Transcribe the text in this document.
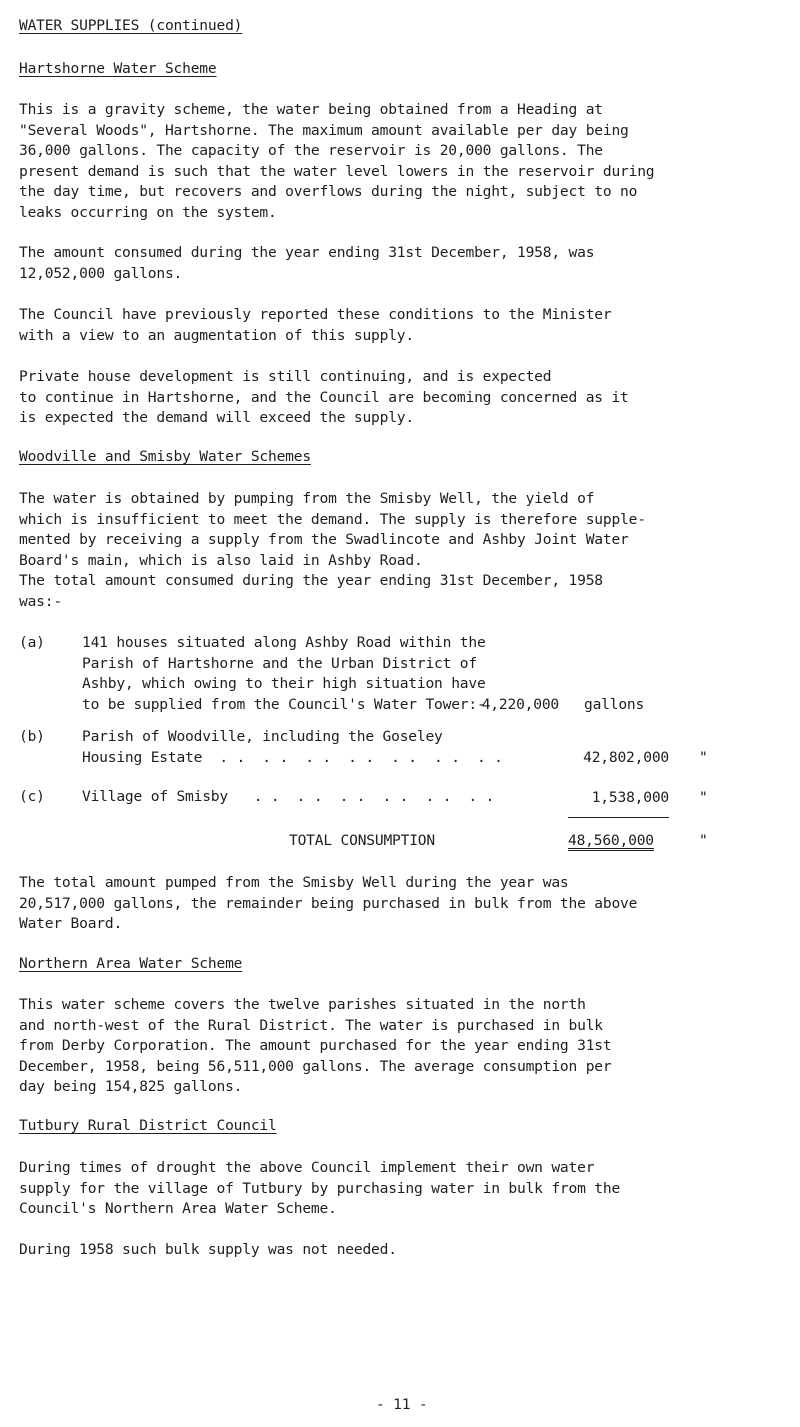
WATER SUPPLIES (continued)
Hartshorne Water Scheme
This is a gravity scheme, the water being obtained from a Heading at
"Several Woods", Hartshorne. The maximum amount available per day being
36,000 gallons. The capacity of the reservoir is 20,000 gallons. The
present demand is such that the water level lowers in the reservoir during
the day time, but recovers and overflows during the night, subject to no
leaks occurring on the system.
The amount consumed during the year ending 31st December, 1958, was
12,052,000 gallons.
The Council have previously reported these conditions to the Minister
with a view to an augmentation of this supply.
Private house development is still continuing, and is expected
to continue in Hartshorne, and the Council are becoming concerned as it
is expected the demand will exceed the supply.
Woodville and Smisby Water Schemes
The water is obtained by pumping from the Smisby Well, the yield of
which is insufficient to meet the demand. The supply is therefore supple-
mented by receiving a supply from the Swadlincote and Ashby Joint Water
Board's main, which is also laid in Ashby Road.
The total amount consumed during the year ending 31st December, 1958
was:-
(a)	141 houses situated along Ashby Road within the
Parish of Hartshorne and the Urban District of
Ashby, which owing to their high situation have
to be supplied from the Council's Water Tower:-
4,220,000 gallons
(b)	Parish of Woodville, including the Goseley
Housing Estate  . .  . .  . .  . .  . .  . .  . .	42,802,000 "
(c)	Village of Smisby   . .  . .  . .  . .  . .  . .	1,538,000 "
TOTAL CONSUMPTION	48,560,000	"
The total amount pumped from the Smisby Well during the year was
20,517,000 gallons, the remainder being purchased in bulk from the above
Water Board.
Northern Area Water Scheme
This water scheme covers the twelve parishes situated in the north
and north-west of the Rural District. The water is purchased in bulk
from Derby Corporation. The amount purchased for the year ending 31st
December, 1958, being 56,511,000 gallons. The average consumption per
day being 154,825 gallons.
Tutbury Rural District Council
During times of drought the above Council implement their own water
supply for the village of Tutbury by purchasing water in bulk from the
Council's Northern Area Water Scheme.
During 1958 such bulk supply was not needed.
- 11 -
